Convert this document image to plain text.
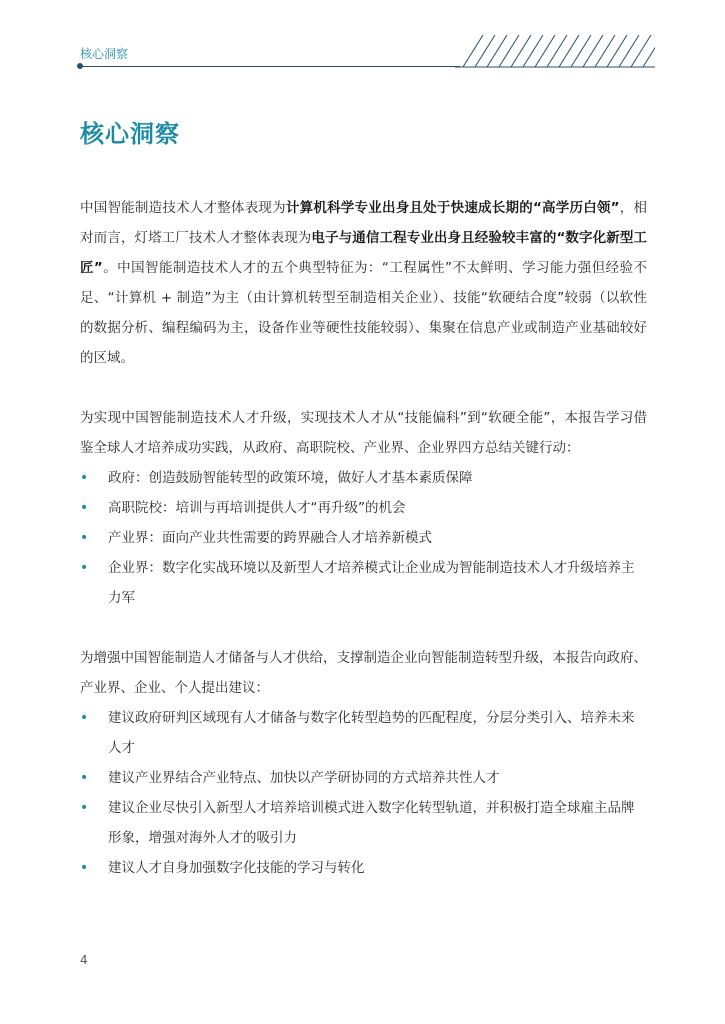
核心洞察
核心洞察

中国智能制造技术人才整体表现为计算机科学专业出身且处于快速成长期的“高学历白领”，相对而言，灯塔工厂技术人才整体表现为电子与通信工程专业出身且经验较丰富的“数字化新型工匠”。中国智能制造技术人才的五个典型特征为：“工程属性”不太鲜明、学习能力强但经验不足、“计算机 + 制造”为主（由计算机转型至制造相关企业）、技能“软硬结合度”较弱（以软性的数据分析、编程编码为主，设备作业等硬性技能较弱）、集聚在信息产业或制造产业基础较好的区域。

为实现中国智能制造技术人才升级，实现技术人才从“技能偏科”到“软硬全能”，本报告学习借鉴全球人才培养成功实践，从政府、高职院校、产业界、企业界四方总结关键行动：

• 政府：创造鼓励智能转型的政策环境，做好人才基本素质保障
• 高职院校：培训与再培训提供人才“再升级”的机会
• 产业界：面向产业共性需要的跨界融合人才培养新模式
• 企业界：数字化实战环境以及新型人才培养模式让企业成为智能制造技术人才升级培养主力军

为增强中国智能制造人才储备与人才供给，支撑制造企业向智能制造转型升级，本报告向政府、产业界、企业、个人提出建议：

• 建议政府研判区域现有人才储备与数字化转型趋势的匹配程度，分层分类引入、培养未来人才
• 建议产业界结合产业特点、加快以产学研协同的方式培养共性人才
• 建议企业尽快引入新型人才培养培训模式进入数字化转型轨道，并积极打造全球雇主品牌形象，增强对海外人才的吸引力
• 建议人才自身加强数字化技能的学习与转化
4
